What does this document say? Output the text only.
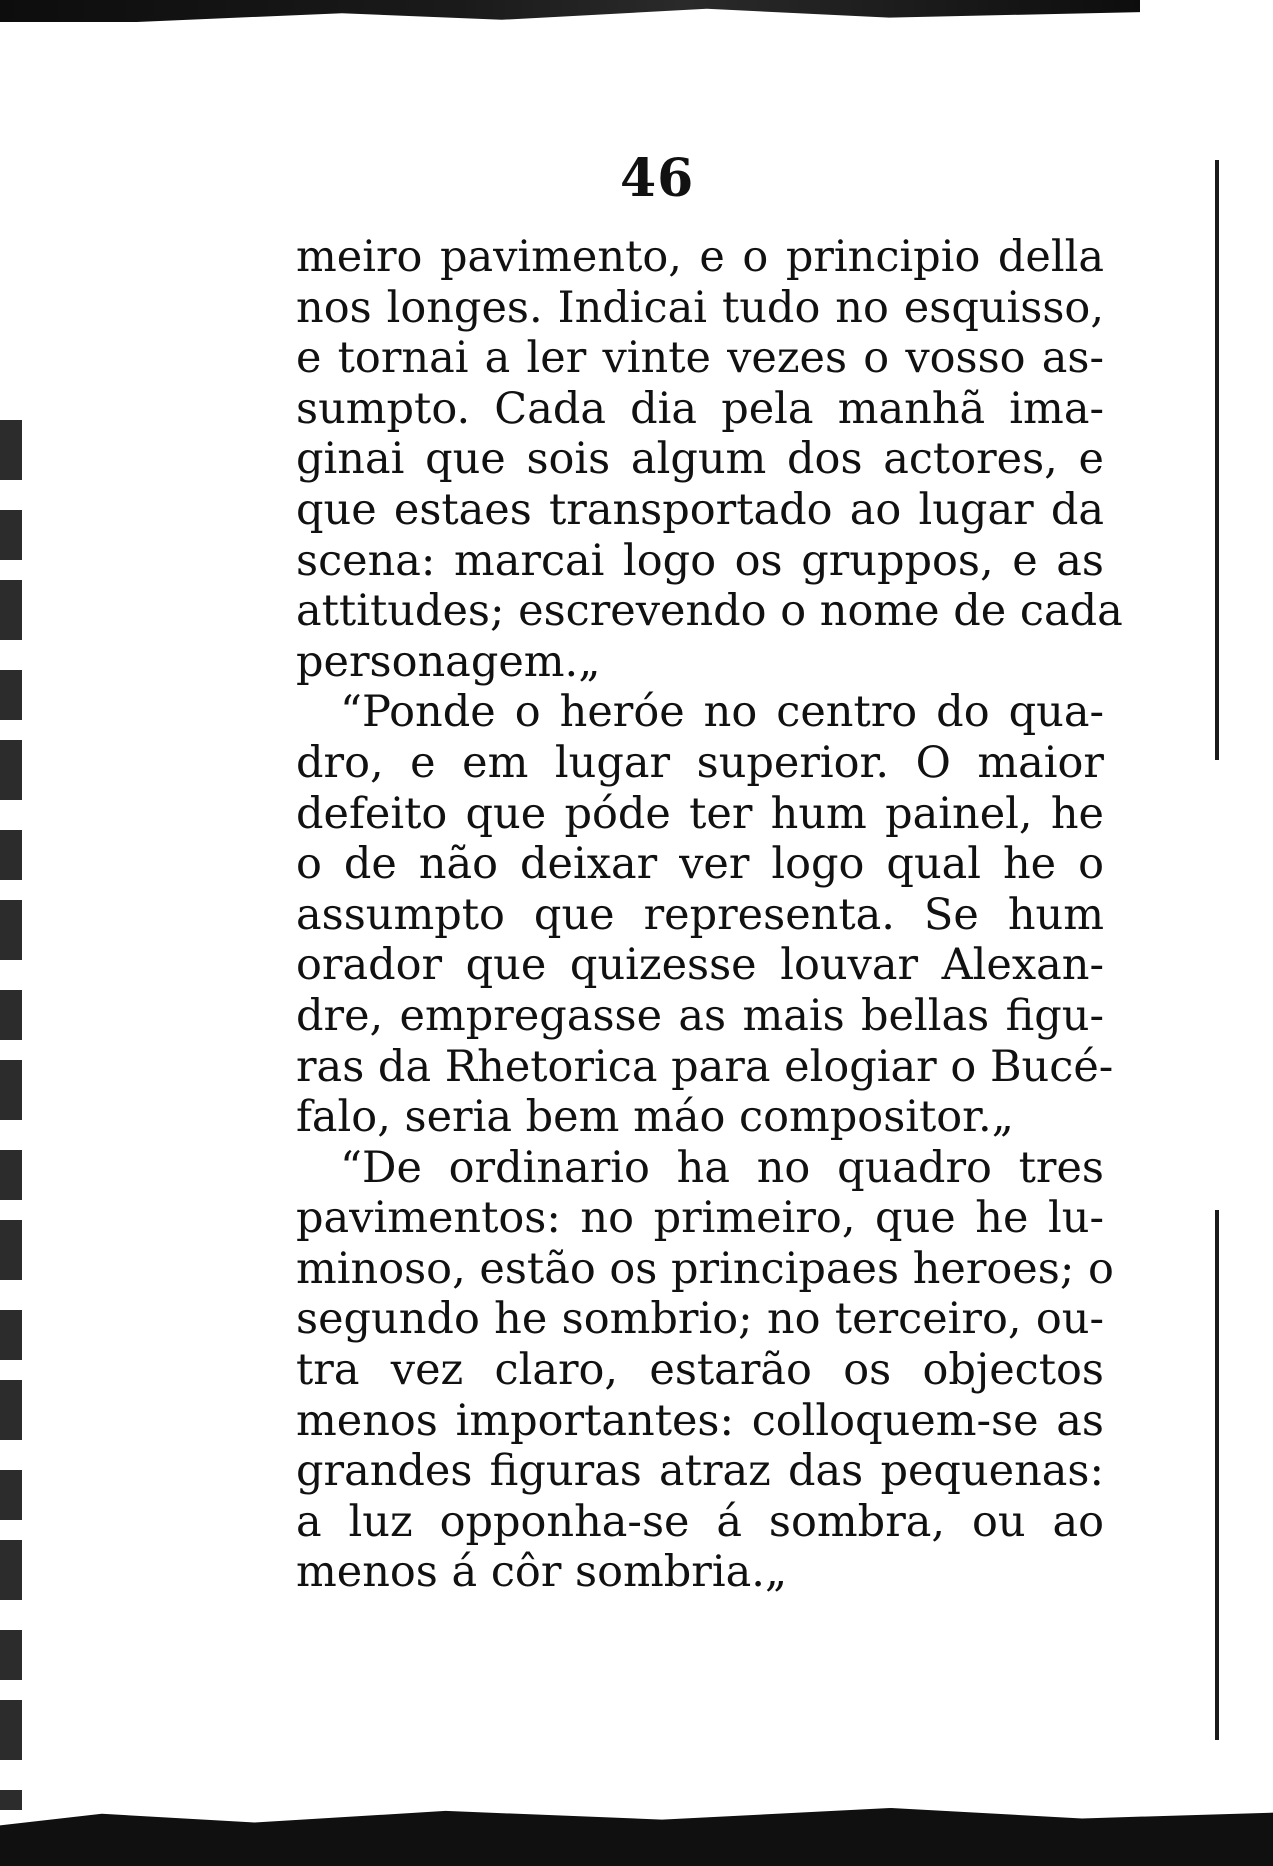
46
meiro pavimento, e o principio della
nos longes. Indicai tudo no esquisso,
e tornai a ler vinte vezes o vosso as-
sumpto. Cada dia pela manhã ima-
ginai que sois algum dos actores, e
que estaes transportado ao lugar da
scena: marcai logo os gruppos, e as
attitudes; escrevendo o nome de cada
personagem.„
“Ponde o heróe no centro do qua-
dro, e em lugar superior. O maior
defeito que póde ter hum painel, he
o de não deixar ver logo qual he o
assumpto que representa. Se hum
orador que quizesse louvar Alexan-
dre, empregasse as mais bellas figu-
ras da Rhetorica para elogiar o Bucé-
falo, seria bem máo compositor.„
“De ordinario ha no quadro tres
pavimentos: no primeiro, que he lu-
minoso, estão os principaes heroes; o
segundo he sombrio; no terceiro, ou-
tra vez claro, estarão os objectos
menos importantes: colloquem-se as
grandes figuras atraz das pequenas:
a luz opponha-se á sombra, ou ao
menos á côr sombria.„
